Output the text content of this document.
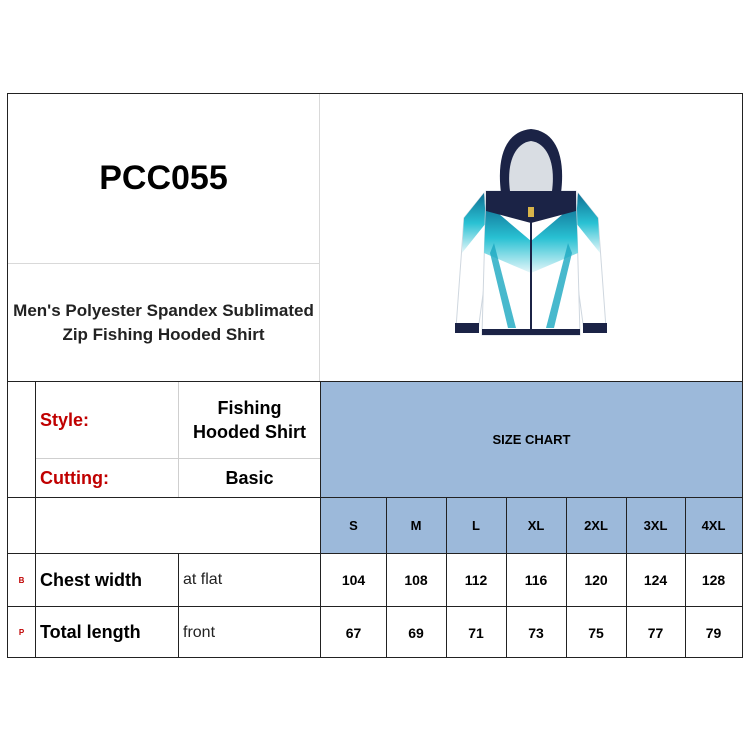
PCC055
Men's Polyester Spandex Sublimated
Zip Fishing Hooded Shirt
Style:
Fishing
Hooded Shirt
Cutting:	Basic
SIZE CHART
S	M	L	XL	2XL	3XL	4XL
B Chest width	at flat	104	108	112	116	120	124	128
P Total length	front	67	69	71	73	75	77	79
